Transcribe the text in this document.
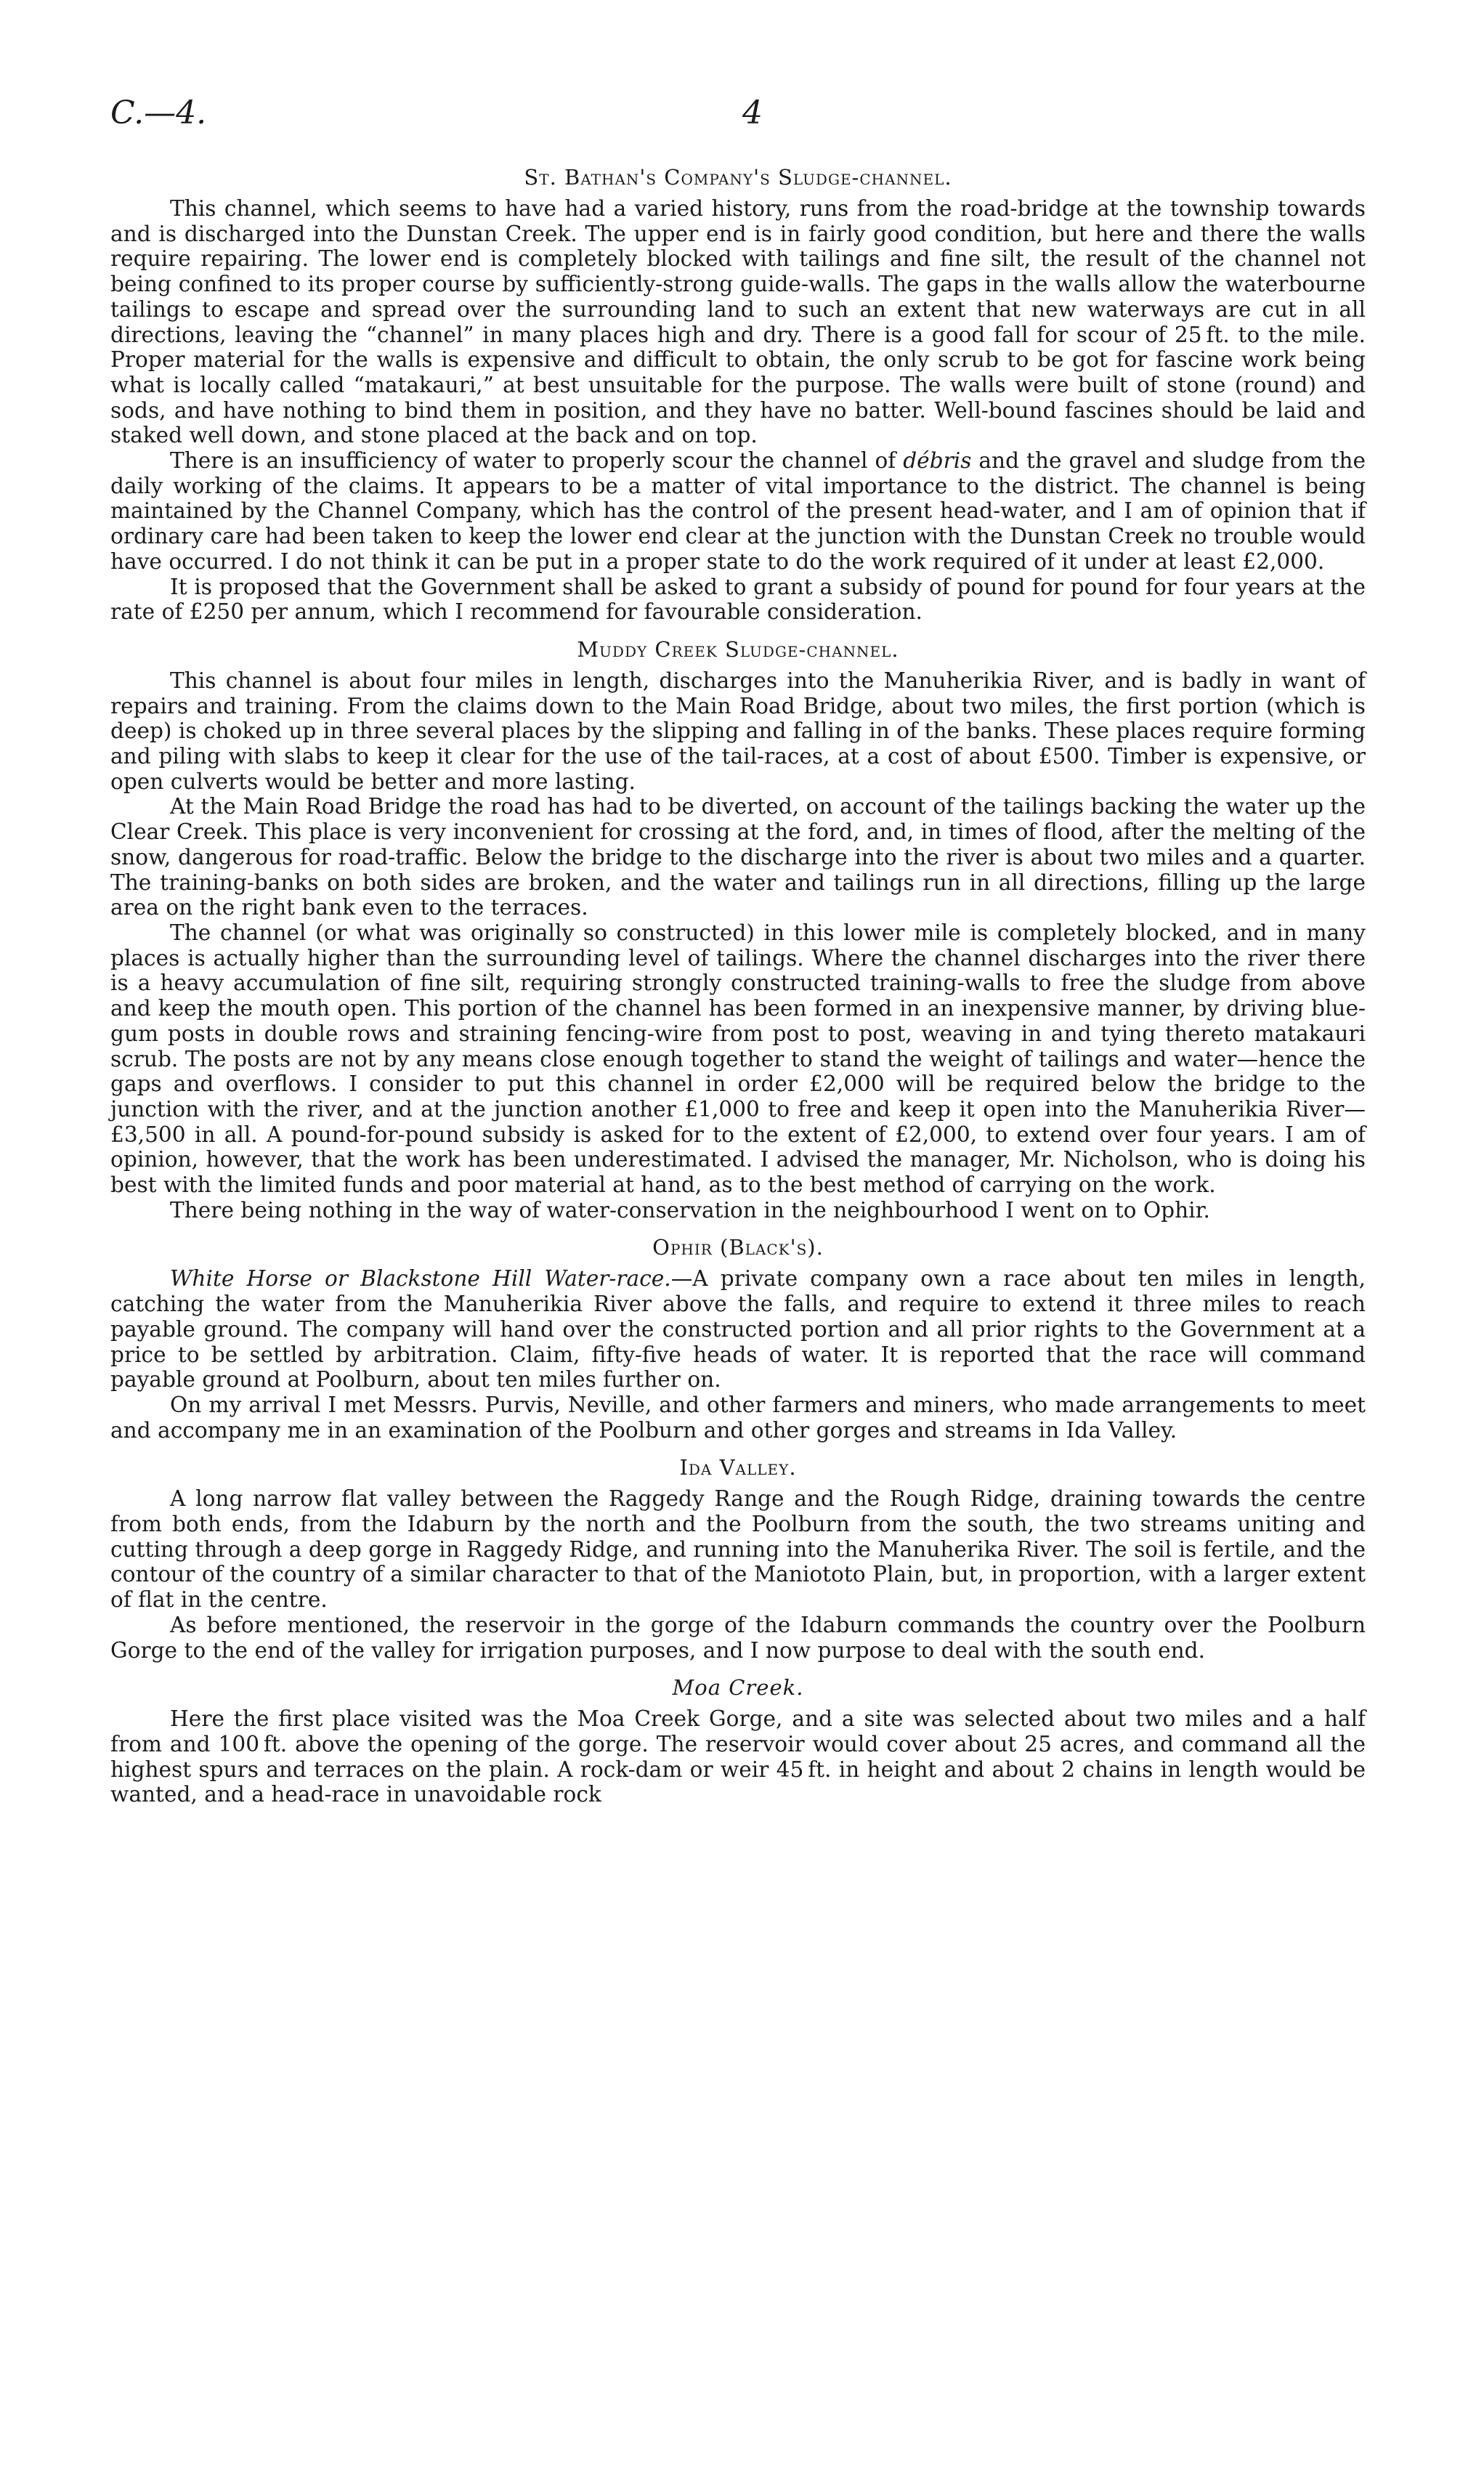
C.—4.	4
St. Bathan's Company's Sludge-channel.

This channel, which seems to have had a varied history, runs from the road-bridge at the township towards and is discharged into the Dunstan Creek. The upper end is in fairly good condition, but here and there the walls require repairing. The lower end is completely blocked with tailings and fine silt, the result of the channel not being confined to its proper course by sufficiently-strong guide-walls. The gaps in the walls allow the waterbourne tailings to escape and spread over the surrounding land to such an extent that new waterways are cut in all directions, leaving the “channel” in many places high and dry. There is a good fall for scour of 25 ft. to the mile. Proper material for the walls is expensive and difficult to obtain, the only scrub to be got for fascine work being what is locally called “matakauri,” at best unsuitable for the purpose. The walls were built of stone (round) and sods, and have nothing to bind them in position, and they have no batter. Well-bound fascines should be laid and staked well down, and stone placed at the back and on top.

There is an insufficiency of water to properly scour the channel of débris and the gravel and sludge from the daily working of the claims. It appears to be a matter of vital importance to the district. The channel is being maintained by the Channel Company, which has the control of the present head-water, and I am of opinion that if ordinary care had been taken to keep the lower end clear at the junction with the Dunstan Creek no trouble would have occurred. I do not think it can be put in a proper state to do the work required of it under at least £2,000.

It is proposed that the Government shall be asked to grant a subsidy of pound for pound for four years at the rate of £250 per annum, which I recommend for favourable consideration.

Muddy Creek Sludge-channel.

This channel is about four miles in length, discharges into the Manuherikia River, and is badly in want of repairs and training. From the claims down to the Main Road Bridge, about two miles, the first portion (which is deep) is choked up in three several places by the slipping and falling in of the banks. These places require forming and piling with slabs to keep it clear for the use of the tail-races, at a cost of about £500. Timber is expensive, or open culverts would be better and more lasting.

At the Main Road Bridge the road has had to be diverted, on account of the tailings backing the water up the Clear Creek. This place is very inconvenient for crossing at the ford, and, in times of flood, after the melting of the snow, dangerous for road-traffic. Below the bridge to the discharge into the river is about two miles and a quarter. The training-banks on both sides are broken, and the water and tailings run in all directions, filling up the large area on the right bank even to the terraces.

The channel (or what was originally so constructed) in this lower mile is completely blocked, and in many places is actually higher than the surrounding level of tailings. Where the channel discharges into the river there is a heavy accumulation of fine silt, requiring strongly constructed training-walls to free the sludge from above and keep the mouth open. This portion of the channel has been formed in an inexpensive manner, by driving blue-gum posts in double rows and straining fencing-wire from post to post, weaving in and tying thereto matakauri scrub. The posts are not by any means close enough together to stand the weight of tailings and water—hence the gaps and overflows. I consider to put this channel in order £2,000 will be required below the bridge to the junction with the river, and at the junction another £1,000 to free and keep it open into the Manuherikia River—£3,500 in all. A pound-for-pound subsidy is asked for to the extent of £2,000, to extend over four years. I am of opinion, however, that the work has been underestimated. I advised the manager, Mr. Nicholson, who is doing his best with the limited funds and poor material at hand, as to the best method of carrying on the work.

There being nothing in the way of water-conservation in the neighbourhood I went on to Ophir.

Ophir (Black's).

White Horse or Blackstone Hill Water-race.—A private company own a race about ten miles in length, catching the water from the Manuherikia River above the falls, and require to extend it three miles to reach payable ground. The company will hand over the constructed portion and all prior rights to the Government at a price to be settled by arbitration. Claim, fifty-five heads of water. It is reported that the race will command payable ground at Poolburn, about ten miles further on.

On my arrival I met Messrs. Purvis, Neville, and other farmers and miners, who made arrangements to meet and accompany me in an examination of the Poolburn and other gorges and streams in Ida Valley.

Ida Valley.

A long narrow flat valley between the Raggedy Range and the Rough Ridge, draining towards the centre from both ends, from the Idaburn by the north and the Poolburn from the south, the two streams uniting and cutting through a deep gorge in Raggedy Ridge, and running into the Manuherika River. The soil is fertile, and the contour of the country of a similar character to that of the Maniototo Plain, but, in proportion, with a larger extent of flat in the centre.

As before mentioned, the reservoir in the gorge of the Idaburn commands the country over the Poolburn Gorge to the end of the valley for irrigation purposes, and I now purpose to deal with the south end.

Moa Creek.

Here the first place visited was the Moa Creek Gorge, and a site was selected about two miles and a half from and 100 ft. above the opening of the gorge. The reservoir would cover about 25 acres, and command all the highest spurs and terraces on the plain. A rock-dam or weir 45 ft. in height and about 2 chains in length would be wanted, and a head-race in unavoidable rock
